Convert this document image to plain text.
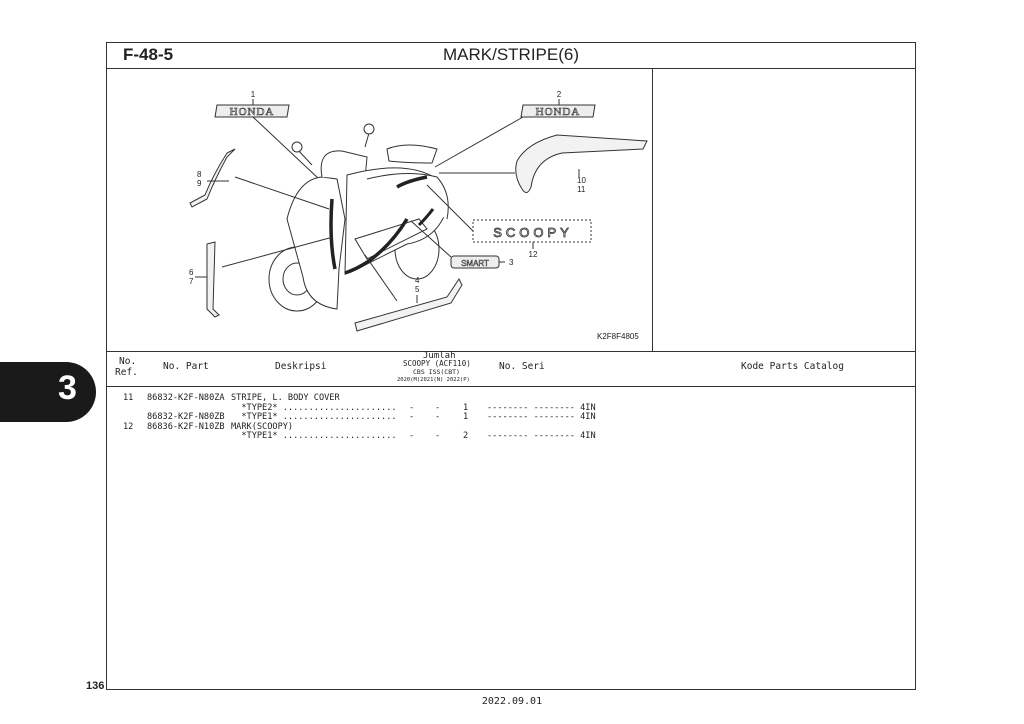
3
F-48-5	MARK/STRIPE(6)
HONDA	HONDA
SCOOPY
SMART
1	2
8
9
6
7	4
5
10
11
3
12
K2F8F4805
No.
Ref.
No. Part	Deskripsi
Jumlah
SCOOPY (ACF110)
CBS ISS(CBT)
2020(M)2021(N) 2022(P)
No. Seri	Kode Parts Catalog

11 86832-K2F-N80ZA STRIPE, L. BODY COVER

*TYPE2* ...................... - -	1 -------- -------- 4IN

86832-K2F-N80ZB *TYPE1* ...................... - -	1 -------- -------- 4IN

12 86836-K2F-N10ZB MARK(SCOOPY)

*TYPE1* ...................... - -	2 -------- -------- 4IN

136
2022.09.01
